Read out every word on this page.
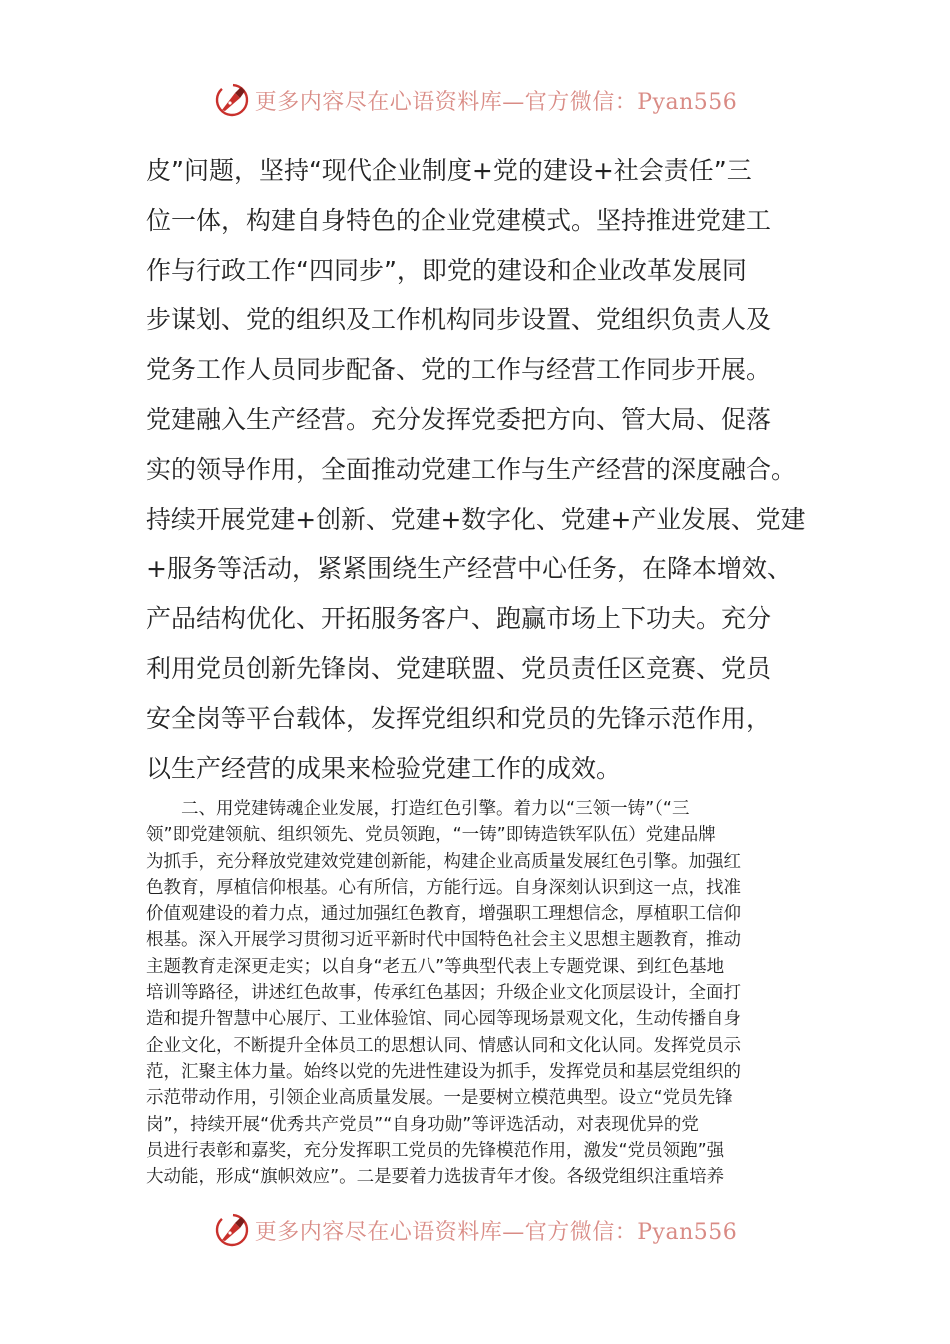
更多内容尽在心语资料库—官方微信：Pyan556
皮”问题，坚持“现代企业制度+党的建设+社会责任”三
位一体，构建自身特色的企业党建模式。坚持推进党建工
作与行政工作“四同步”，即党的建设和企业改革发展同
步谋划、党的组织及工作机构同步设置、党组织负责人及
党务工作人员同步配备、党的工作与经营工作同步开展。
党建融入生产经营。充分发挥党委把方向、管大局、促落
实的领导作用，全面推动党建工作与生产经营的深度融合。
持续开展党建+创新、党建+数字化、党建+产业发展、党建
+服务等活动，紧紧围绕生产经营中心任务，在降本增效、
产品结构优化、开拓服务客户、跑赢市场上下功夫。充分
利用党员创新先锋岗、党建联盟、党员责任区竞赛、党员
安全岗等平台载体，发挥党组织和党员的先锋示范作用，
以生产经营的成果来检验党建工作的成效。
　　二、用党建铸魂企业发展，打造红色引擎。着力以“三领一铸”（“三
领”即党建领航、组织领先、党员领跑，“一铸”即铸造铁军队伍）党建品牌
为抓手，充分释放党建效党建创新能，构建企业高质量发展红色引擎。加强红
色教育，厚植信仰根基。心有所信，方能行远。自身深刻认识到这一点，找准
价值观建设的着力点，通过加强红色教育，增强职工理想信念，厚植职工信仰
根基。深入开展学习贯彻习近平新时代中国特色社会主义思想主题教育，推动
主题教育走深更走实；以自身“老五八”等典型代表上专题党课、到红色基地
培训等路径，讲述红色故事，传承红色基因；升级企业文化顶层设计，全面打
造和提升智慧中心展厅、工业体验馆、同心园等现场景观文化，生动传播自身
企业文化，不断提升全体员工的思想认同、情感认同和文化认同。发挥党员示
范，汇聚主体力量。始终以党的先进性建设为抓手，发挥党员和基层党组织的
示范带动作用，引领企业高质量发展。一是要树立模范典型。设立“党员先锋
岗”，持续开展“优秀共产党员”“自身功勋”等评选活动，对表现优异的党
员进行表彰和嘉奖，充分发挥职工党员的先锋模范作用，激发“党员领跑”强
大动能，形成“旗帜效应”。二是要着力选拔青年才俊。各级党组织注重培养
更多内容尽在心语资料库—官方微信：Pyan556
